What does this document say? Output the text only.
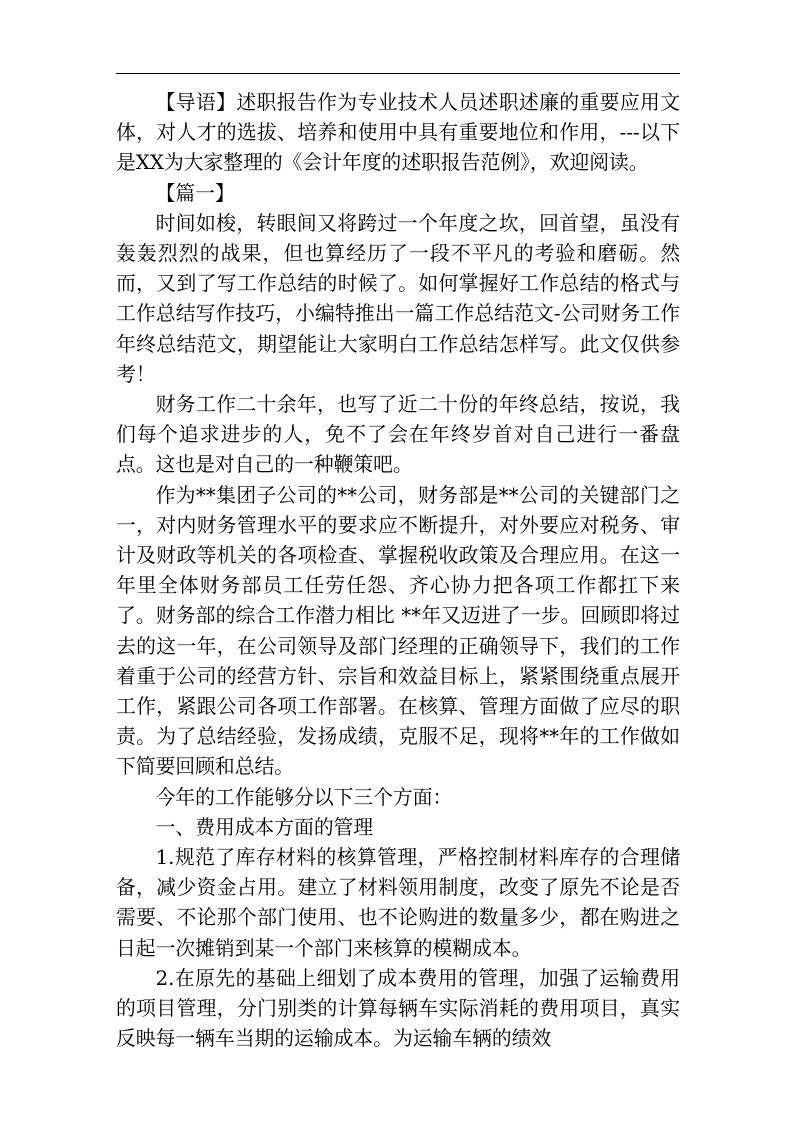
【导语】述职报告作为专业技术人员述职述廉的重要应用文体，对人才的选拔、培养和使用中具有重要地位和作用，---以下是XX为大家整理的《会计年度的述职报告范例》，欢迎阅读。

【篇一】

时间如梭，转眼间又将跨过一个年度之坎，回首望，虽没有轰轰烈烈的战果，但也算经历了一段不平凡的考验和磨砺。然而，又到了写工作总结的时候了。如何掌握好工作总结的格式与工作总结写作技巧，小编特推出一篇工作总结范文-公司财务工作年终总结范文，期望能让大家明白工作总结怎样写。此文仅供参考！

财务工作二十余年，也写了近二十份的年终总结，按说，我们每个追求进步的人，免不了会在年终岁首对自己进行一番盘点。这也是对自己的一种鞭策吧。

作为**集团子公司的**公司，财务部是**公司的关键部门之一，对内财务管理水平的要求应不断提升，对外要应对税务、审计及财政等机关的各项检查、掌握税收政策及合理应用。在这一年里全体财务部员工任劳任怨、齐心协力把各项工作都扛下来了。财务部的综合工作潜力相比 **年又迈进了一步。回顾即将过去的这一年，在公司领导及部门经理的正确领导下，我们的工作着重于公司的经营方针、宗旨和效益目标上，紧紧围绕重点展开工作，紧跟公司各项工作部署。在核算、管理方面做了应尽的职责。为了总结经验，发扬成绩，克服不足，现将**年的工作做如下简要回顾和总结。

今年的工作能够分以下三个方面：

一、费用成本方面的管理

1.规范了库存材料的核算管理，严格控制材料库存的合理储备，减少资金占用。建立了材料领用制度，改变了原先不论是否需要、不论那个部门使用、也不论购进的数量多少，都在购进之日起一次摊销到某一个部门来核算的模糊成本。

2.在原先的基础上细划了成本费用的管理，加强了运输费用的项目管理，分门别类的计算每辆车实际消耗的费用项目，真实反映每一辆车当期的运输成本。为运输车辆的绩效
